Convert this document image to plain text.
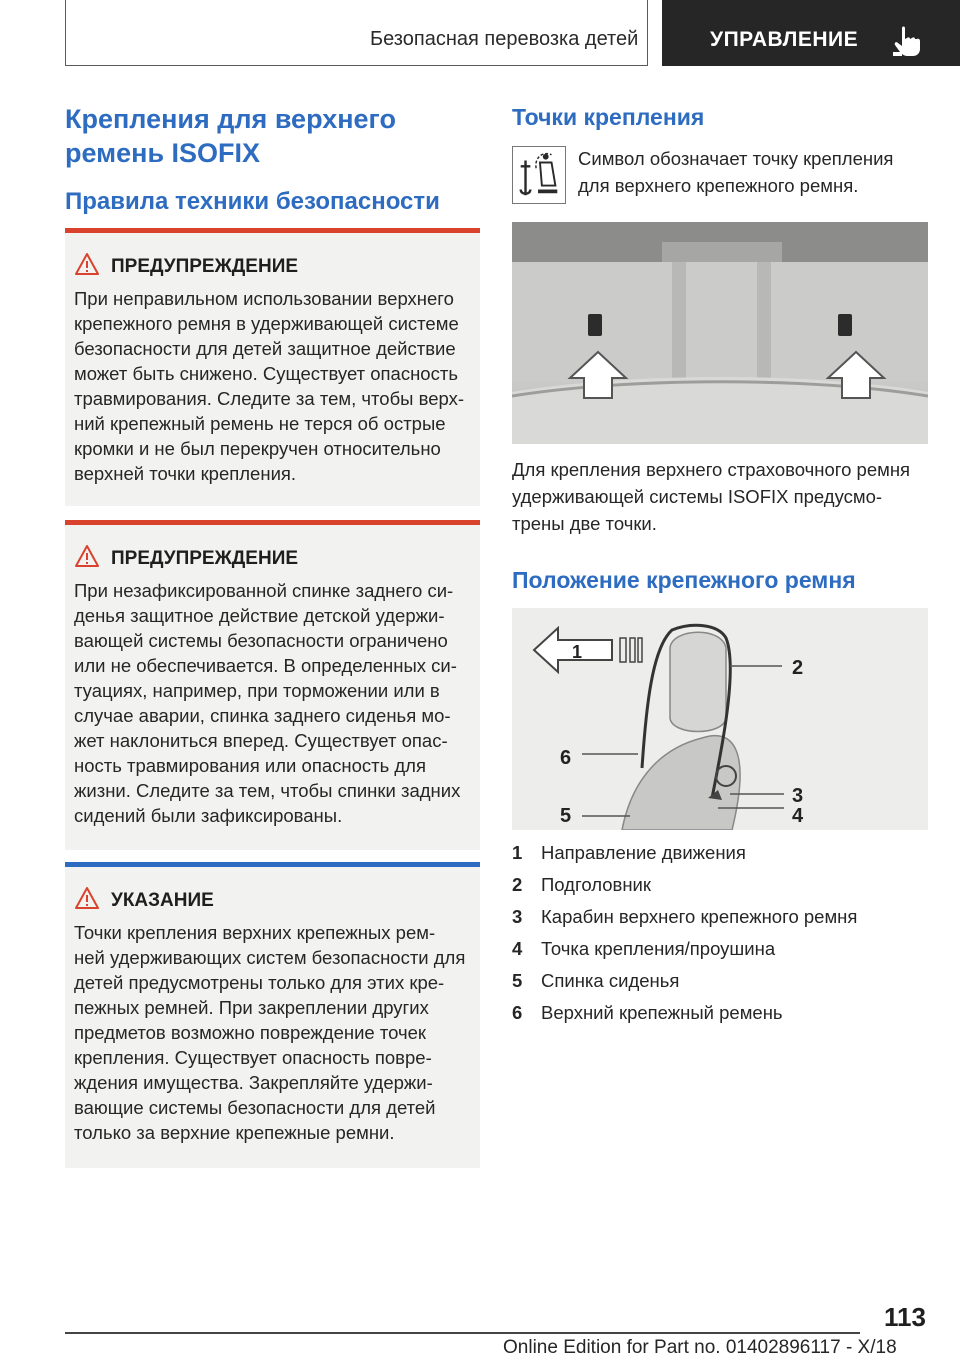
Безопасная перевозка детей	УПРАВЛЕНИЕ
Крепления для верхнего ремень ISOFIX
Правила техники безопасности
ПРЕДУПРЕЖДЕНИЕ
При неправильном использовании верхнего
крепежного ремня в удерживающей системе
безопасности для детей защитное действие
может быть снижено. Существует опасность
травмирования. Следите за тем, чтобы верх-
ний крепежный ремень не терся об острые
кромки и не был перекручен относительно
верхней точки крепления.
ПРЕДУПРЕЖДЕНИЕ
При незафиксированной спинке заднего си-
денья защитное действие детской удержи-
вающей системы безопасности ограничено
или не обеспечивается. В определенных си-
туациях, например, при торможении или в
случае аварии, спинка заднего сиденья мо-
жет наклониться вперед. Существует опас-
ность травмирования или опасность для
жизни. Следите за тем, чтобы спинки задних
сидений были зафиксированы.
УКАЗАНИЕ
Точки крепления верхних крепежных рем-
ней удерживающих систем безопасности для
детей предусмотрены только для этих кре-
пежных ремней. При закреплении других
предметов возможно повреждение точек
крепления. Существует опасность повре-
ждения имущества. Закрепляйте удержи-
вающие системы безопасности для детей
только за верхние крепежные ремни.
Точки крепления
Символ обозначает точку крепления
для верхнего крепежного ремня.
Для крепления верхнего страховочного ремня
удерживающей системы ISOFIX предусмо-
трены две точки.
Положение крепежного ремня
1
2
6
3
5	4
1	Направление движения
2	Подголовник
3	Карабин верхнего крепежного ремня
4	Точка крепления/проушина
5	Спинка сиденья
6	Верхний крепежный ремень
113
Online Edition for Part no. 01402896117 - X/18
